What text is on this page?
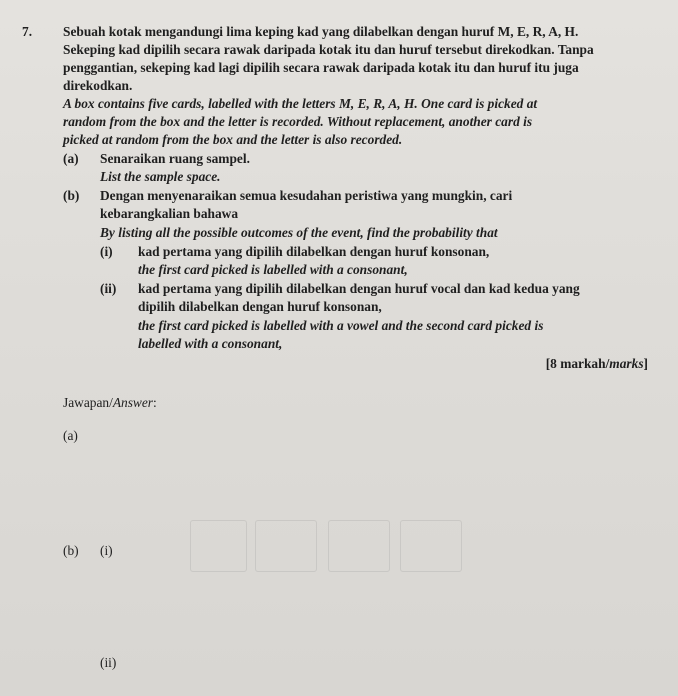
7. Sebuah kotak mengandungi lima keping kad yang dilabelkan dengan huruf M, E, R, A, H.
Sekeping kad dipilih secara rawak daripada kotak itu dan huruf tersebut direkodkan. Tanpa
penggantian, sekeping kad lagi dipilih secara rawak daripada kotak itu dan huruf itu juga
direkodkan.
A box contains five cards, labelled with the letters M, E, R, A, H. One card is picked at
random from the box and the letter is recorded. Without replacement, another card is
picked at random from the box and the letter is also recorded.
(a) Senaraikan ruang sampel.
List the sample space.
(b) Dengan menyenaraikan semua kesudahan peristiwa yang mungkin, cari
kebarangkalian bahawa
By listing all the possible outcomes of the event, find the probability that
(i) kad pertama yang dipilih dilabelkan dengan huruf konsonan,
the first card picked is labelled with a consonant,
(ii) kad pertama yang dipilih dilabelkan dengan huruf vocal dan kad kedua yang
dipilih dilabelkan dengan huruf konsonan,
the first card picked is labelled with a vowel and the second card picked is
labelled with a consonant,
[8 markah/marks]
Jawapan/Answer:
(a)
(b) (i)
(ii)
